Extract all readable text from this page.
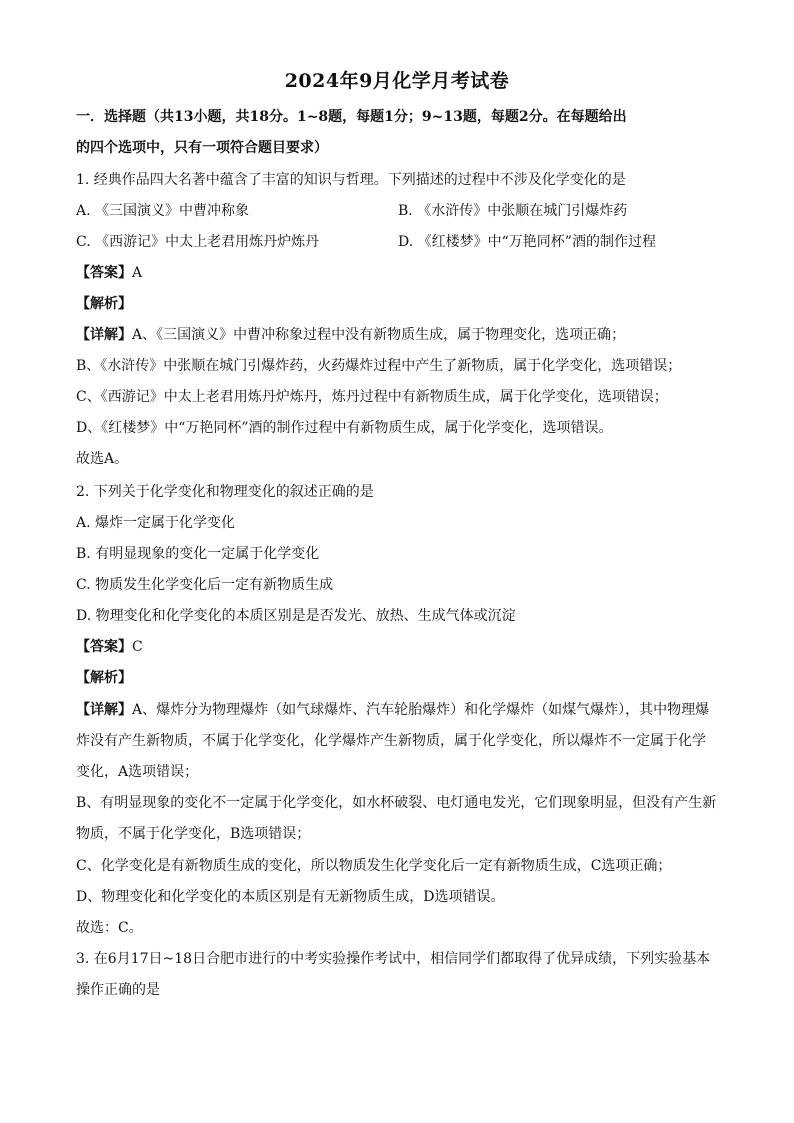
2024年9月化学月考试卷
一．选择题（共13小题，共18分。1~8题，每题1分；9~13题，每题2分。在每题给出
的四个选项中，只有一项符合题目要求）
1. 经典作品四大名著中蕴含了丰富的知识与哲理。下列描述的过程中不涉及化学变化的是
A. 《三国演义》中曹冲称象	B. 《水浒传》中张顺在城门引爆炸药
C. 《西游记》中太上老君用炼丹炉炼丹	D. 《红楼梦》中“万艳同杯”酒的制作过程
【答案】A
【解析】
【详解】A、《三国演义》中曹冲称象过程中没有新物质生成，属于物理变化，选项正确；
B、《水浒传》中张顺在城门引爆炸药，火药爆炸过程中产生了新物质，属于化学变化，选项错误；
C、《西游记》中太上老君用炼丹炉炼丹，炼丹过程中有新物质生成，属于化学变化，选项错误；
D、《红楼梦》中“万艳同杯”酒的制作过程中有新物质生成，属于化学变化，选项错误。
故选A。
2. 下列关于化学变化和物理变化的叙述正确的是
A. 爆炸一定属于化学变化
B. 有明显现象的变化一定属于化学变化
C. 物质发生化学变化后一定有新物质生成
D. 物理变化和化学变化的本质区别是是否发光、放热、生成气体或沉淀
【答案】C
【解析】
【详解】A、爆炸分为物理爆炸（如气球爆炸、汽车轮胎爆炸）和化学爆炸（如煤气爆炸），其中物理爆
炸没有产生新物质，不属于化学变化，化学爆炸产生新物质，属于化学变化，所以爆炸不一定属于化学
变化，A选项错误；
B、有明显现象的变化不一定属于化学变化，如水杯破裂、电灯通电发光，它们现象明显，但没有产生新
物质，不属于化学变化，B选项错误；
C、化学变化是有新物质生成的变化，所以物质发生化学变化后一定有新物质生成，C选项正确；
D、物理变化和化学变化的本质区别是有无新物质生成，D选项错误。
故选：C。
3. 在6月17日~18日合肥市进行的中考实验操作考试中，相信同学们都取得了优异成绩，下列实验基本
操作正确的是
